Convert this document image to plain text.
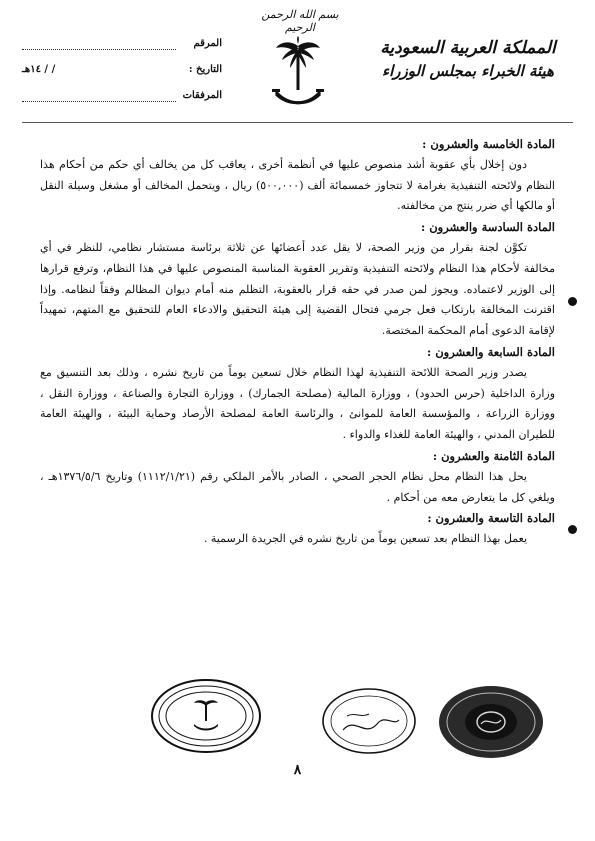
بسم الله الرحمن الرحيم
المرقم
التاريخ :
/ / ١٤هـ
المرفقات
المملكة العربية السعودية
هيئة الخبراء بمجلس الوزراء

المادة الخامسة والعشرون :

دون إخلال بأي عقوبة أشد منصوص عليها في أنظمة أخرى ، يعاقب كل من يخالف أي حكم من أحكام هذا النظام ولائحته التنفيذية بغرامة لا تتجاوز خمسمائة ألف (٥٠٠,٠٠٠) ريال ، ويتحمل المخالف أو مشغل وسيلة النقل أو مالكها أي ضرر ينتج من مخالفته.

المادة السادسة والعشرون :

تكوَّن لجنة بقرار من وزير الصحة، لا يقل عدد أعضائها عن ثلاثة برئاسة مستشار نظامي، للنظر في أي مخالفة لأحكام هذا النظام ولائحته التنفيذية وتقرير العقوبة المناسبة المنصوص عليها في هذا النظام، وترفع قرارها إلى الوزير لاعتماده. ويجوز لمن صدر في حقه قرار بالعقوبة، التظلم منه أمام ديوان المظالم وفقاً لنظامه. وإذا اقترنت المخالفة بارتكاب فعل جرمي فتحال القضية إلى هيئة التحقيق والادعاء العام للتحقيق مع المتهم، تمهيداً لإقامة الدعوى أمام المحكمة المختصة.

المادة السابعة والعشرون :

يصدر وزير الصحة اللائحة التنفيذية لهذا النظام خلال تسعين يوماً من تاريخ نشره ، وذلك بعد التنسيق مع وزارة الداخلية (حرس الحدود) ، ووزارة المالية (مصلحة الجمارك) ، ووزارة التجارة والصناعة ، ووزارة النقل ، ووزارة الزراعة ، والمؤسسة العامة للموانئ ، والرئاسة العامة لمصلحة الأرصاد وحماية البيئة ، والهيئة العامة للطيران المدني ، والهيئة العامة للغذاء والدواء .

المادة الثامنة والعشرون :

يحل هذا النظام محل نظام الحجر الصحي ، الصادر بالأمر الملكي رقم (١١١٢/١/٢١) وتاريخ ١٣٧٦/٥/٦هـ ، ويلغي كل ما يتعارض معه من أحكام .

المادة التاسعة والعشرون :

يعمل بهذا النظام بعد تسعين يوماً من تاريخ نشره في الجريدة الرسمية .

٨
